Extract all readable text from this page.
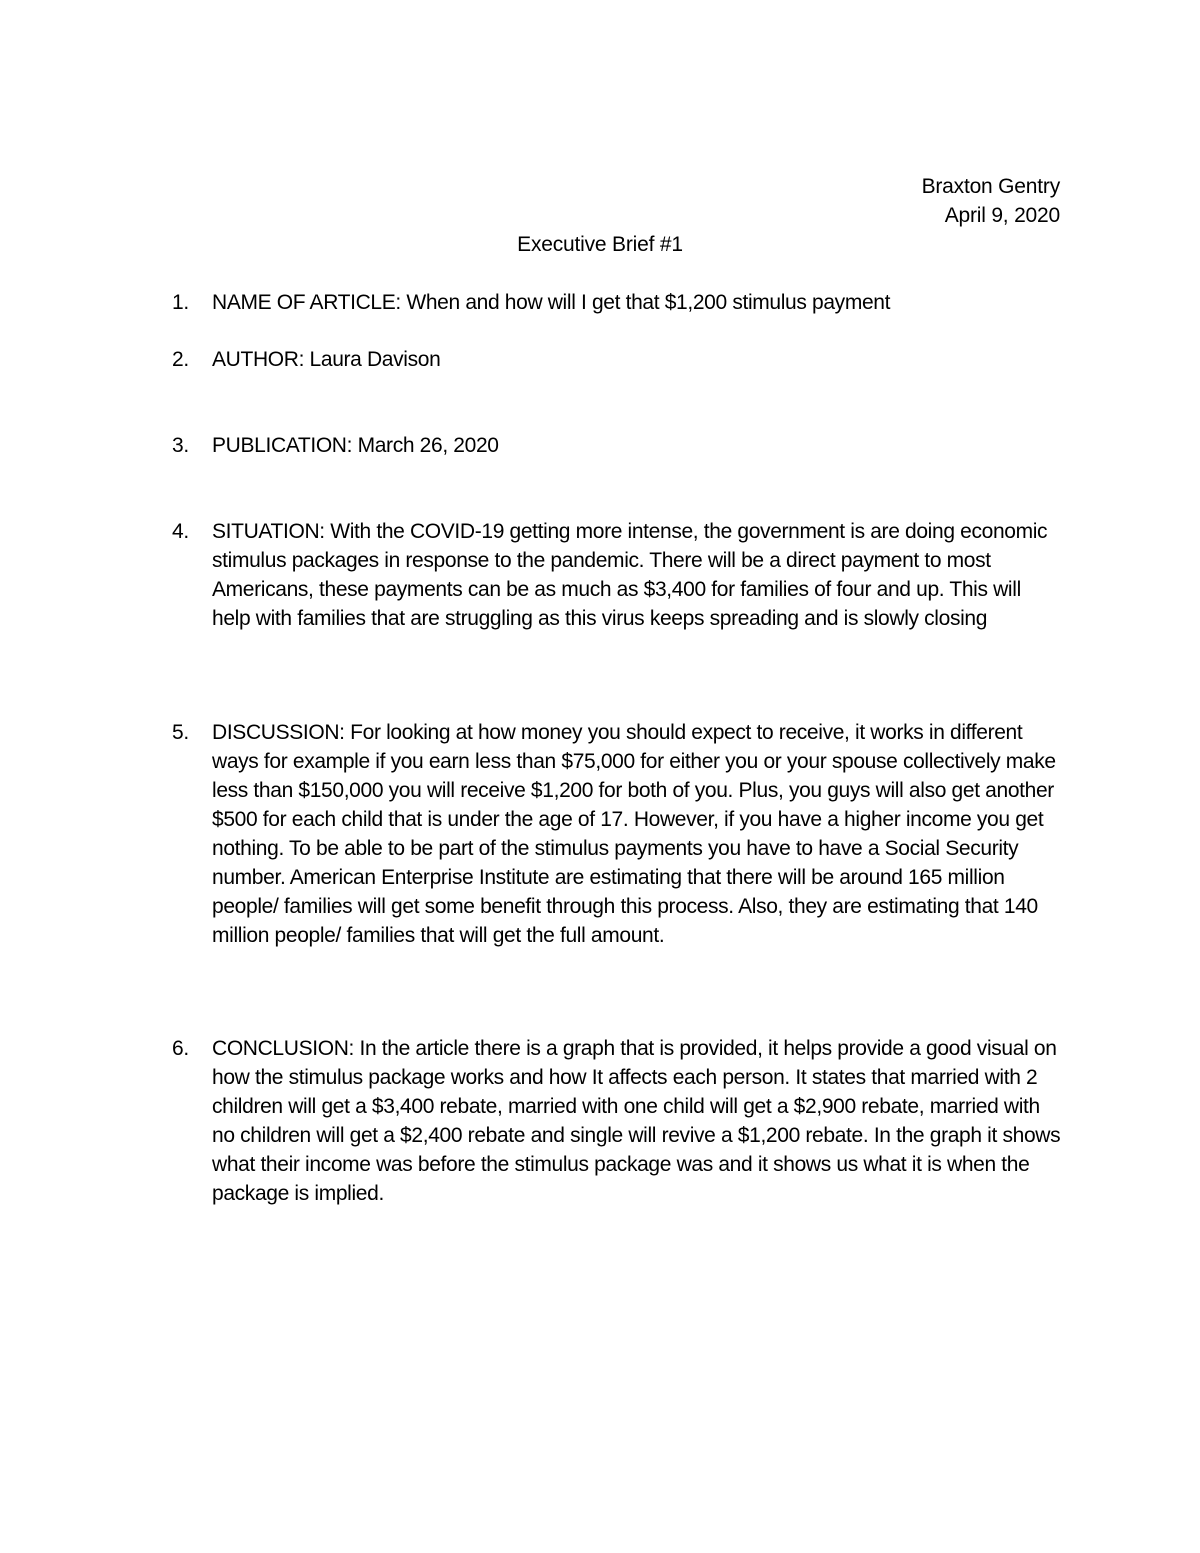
Braxton Gentry
April 9, 2020
Executive Brief #1
1.	NAME OF ARTICLE: When and how will I get that $1,200 stimulus payment
2.	AUTHOR: Laura Davison
3.	PUBLICATION: March 26, 2020
4.	SITUATION: With the COVID-19 getting more intense, the government is are doing economic stimulus packages in response to the pandemic. There will be a direct payment to most Americans, these payments can be as much as $3,400 for families of four and up. This will help with families that are struggling as this virus keeps spreading and is slowly closing
5.	DISCUSSION: For looking at how money you should expect to receive, it works in different ways for example if you earn less than $75,000 for either you or your spouse collectively make less than $150,000 you will receive $1,200 for both of you. Plus, you guys will also get another $500 for each child that is under the age of 17. However, if you have a higher income you get nothing. To be able to be part of the stimulus payments you have to have a Social Security number. American Enterprise Institute are estimating that there will be around 165 million people/ families will get some benefit through this process. Also, they are estimating that 140 million people/ families that will get the full amount.
6.	CONCLUSION: In the article there is a graph that is provided, it helps provide a good visual on how the stimulus package works and how It affects each person. It states that married with 2 children will get a $3,400 rebate, married with one child will get a $2,900 rebate, married with no children will get a $2,400 rebate and single will revive a $1,200 rebate. In the graph it shows what their income was before the stimulus package was and it shows us what it is when the package is implied.
